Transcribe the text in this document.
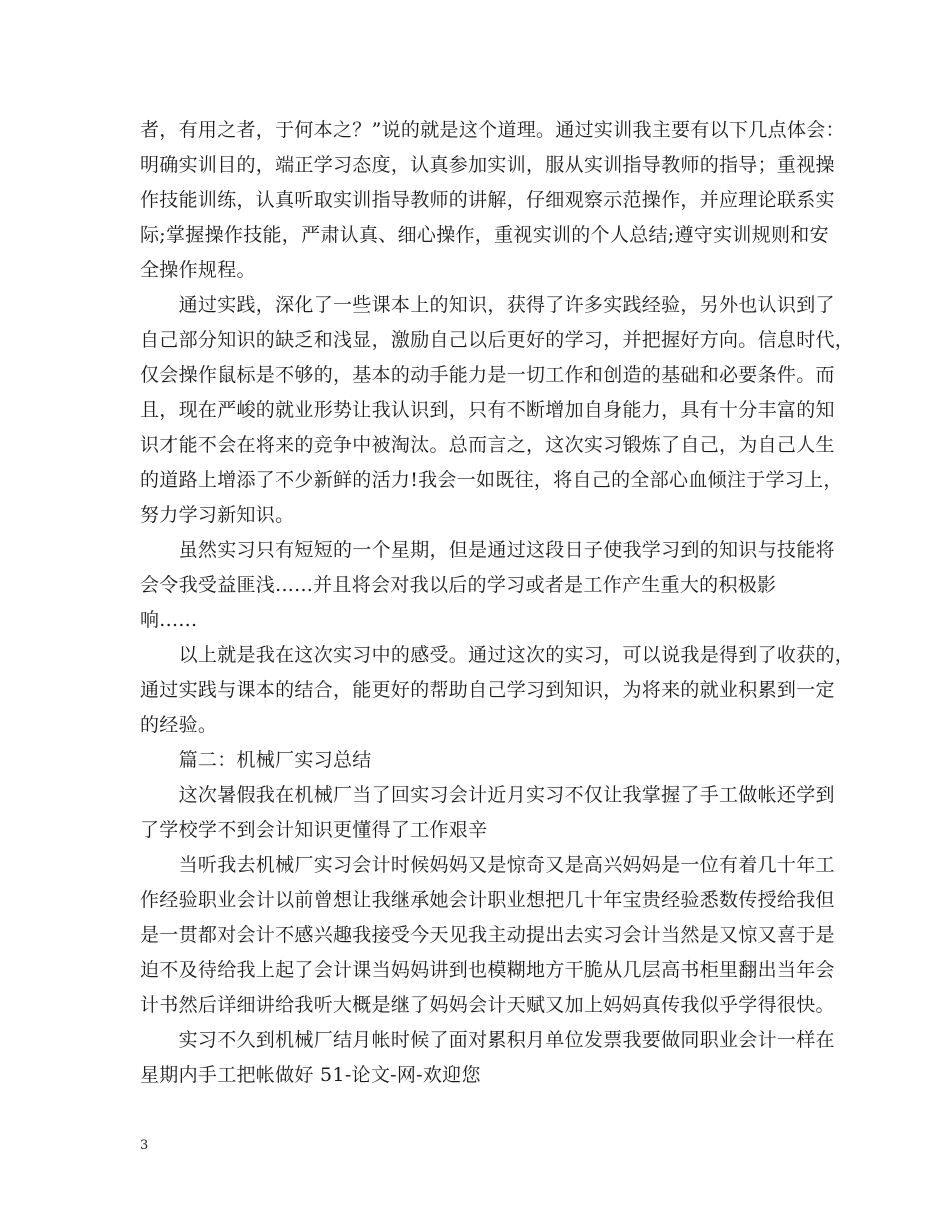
者，有用之者，于何本之？”说的就是这个道理。通过实训我主要有以下几点体会：
明确实训目的，端正学习态度，认真参加实训，服从实训指导教师的指导；重视操
作技能训练，认真听取实训指导教师的讲解，仔细观察示范操作，并应理论联系实
际;掌握操作技能，严肃认真、细心操作，重视实训的个人总结;遵守实训规则和安
全操作规程。

　　通过实践，深化了一些课本上的知识，获得了许多实践经验，另外也认识到了
自己部分知识的缺乏和浅显，激励自己以后更好的学习，并把握好方向。信息时代，
仅会操作鼠标是不够的，基本的动手能力是一切工作和创造的基础和必要条件。而
且，现在严峻的就业形势让我认识到，只有不断增加自身能力，具有十分丰富的知
识才能不会在将来的竞争中被淘汰。总而言之，这次实习锻炼了自己，为自己人生
的道路上增添了不少新鲜的活力!我会一如既往，将自己的全部心血倾注于学习上，
努力学习新知识。

　　虽然实习只有短短的一个星期，但是通过这段日子使我学习到的知识与技能将
会令我受益匪浅......并且将会对我以后的学习或者是工作产生重大的积极影
响......

　　以上就是我在这次实习中的感受。通过这次的实习，可以说我是得到了收获的，
通过实践与课本的结合，能更好的帮助自己学习到知识，为将来的就业积累到一定
的经验。

　　篇二：机械厂实习总结

　　这次暑假我在机械厂当了回实习会计近月实习不仅让我掌握了手工做帐还学到
了学校学不到会计知识更懂得了工作艰辛

　　当听我去机械厂实习会计时候妈妈又是惊奇又是高兴妈妈是一位有着几十年工
作经验职业会计以前曾想让我继承她会计职业想把几十年宝贵经验悉数传授给我但
是一贯都对会计不感兴趣我接受今天见我主动提出去实习会计当然是又惊又喜于是
迫不及待给我上起了会计课当妈妈讲到也模糊地方干脆从几层高书柜里翻出当年会
计书然后详细讲给我听大概是继了妈妈会计天赋又加上妈妈真传我似乎学得很快。

　　实习不久到机械厂结月帐时候了面对累积月单位发票我要做同职业会计一样在
星期内手工把帐做好 51-论文-网-欢迎您

3
